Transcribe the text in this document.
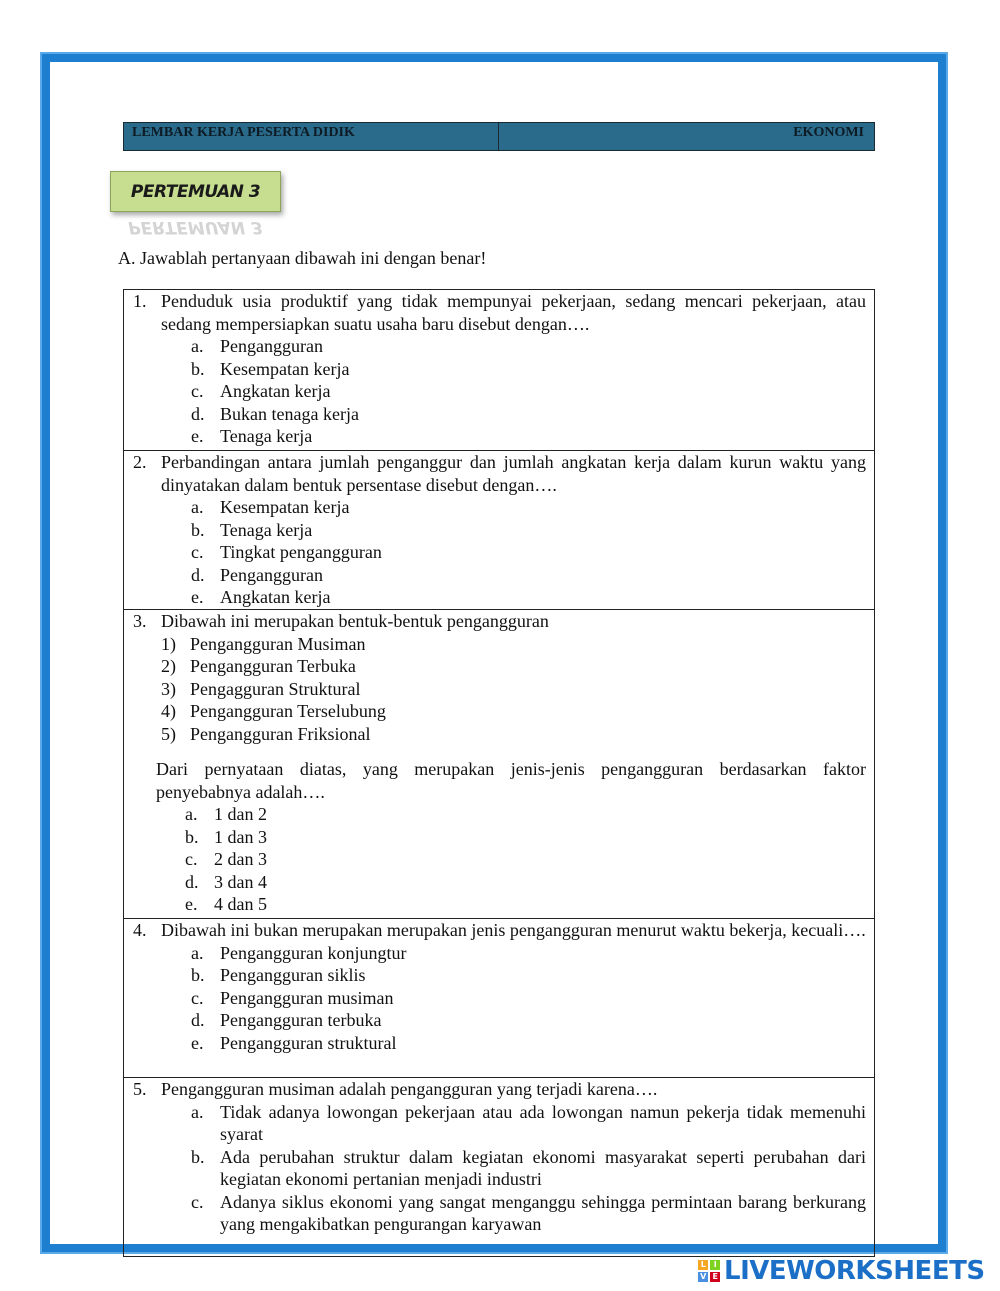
LEMBAR KERJA PESERTA DIDIK	EKONOMI
PERTEMUAN 3
PERTEMUAN 3
A. Jawablah pertanyaan dibawah ini dengan benar!
1. Penduduk usia produktif yang tidak mempunyai pekerjaan, sedang mencari pekerjaan, atau sedang mempersiapkan suatu usaha baru disebut dengan….
a. Pengangguran
b. Kesempatan kerja
c. Angkatan kerja
d. Bukan tenaga kerja
e. Tenaga kerja
2. Perbandingan antara jumlah penganggur dan jumlah angkatan kerja dalam kurun waktu yang dinyatakan dalam bentuk persentase disebut dengan….
a. Kesempatan kerja
b. Tenaga kerja
c. Tingkat pengangguran
d. Pengangguran
e. Angkatan kerja
3. Dibawah ini merupakan bentuk-bentuk pengangguran
1) Pengangguran Musiman
2) Pengangguran Terbuka
3) Pengagguran Struktural
4) Pengangguran Terselubung
5) Pengangguran Friksional
Dari pernyataan diatas, yang merupakan jenis-jenis pengangguran berdasarkan faktor penyebabnya adalah….
a. 1 dan 2
b. 1 dan 3
c. 2 dan 3
d. 3 dan 4
e. 4 dan 5
4. Dibawah ini bukan merupakan merupakan jenis pengangguran menurut waktu bekerja, kecuali….
a. Pengangguran konjungtur
b. Pengangguran siklis
c. Pengangguran musiman
d. Pengangguran terbuka
e. Pengangguran struktural
5. Pengangguran musiman adalah pengangguran yang terjadi karena….
a. Tidak adanya lowongan pekerjaan atau ada lowongan namun pekerja tidak memenuhi syarat
b. Ada perubahan struktur dalam kegiatan ekonomi masyarakat seperti perubahan dari kegiatan ekonomi pertanian menjadi industri
c. Adanya siklus ekonomi yang sangat menganggu sehingga permintaan barang berkurang yang mengakibatkan pengurangan karyawan
L	I
V E LIVEWORKSHEETS
